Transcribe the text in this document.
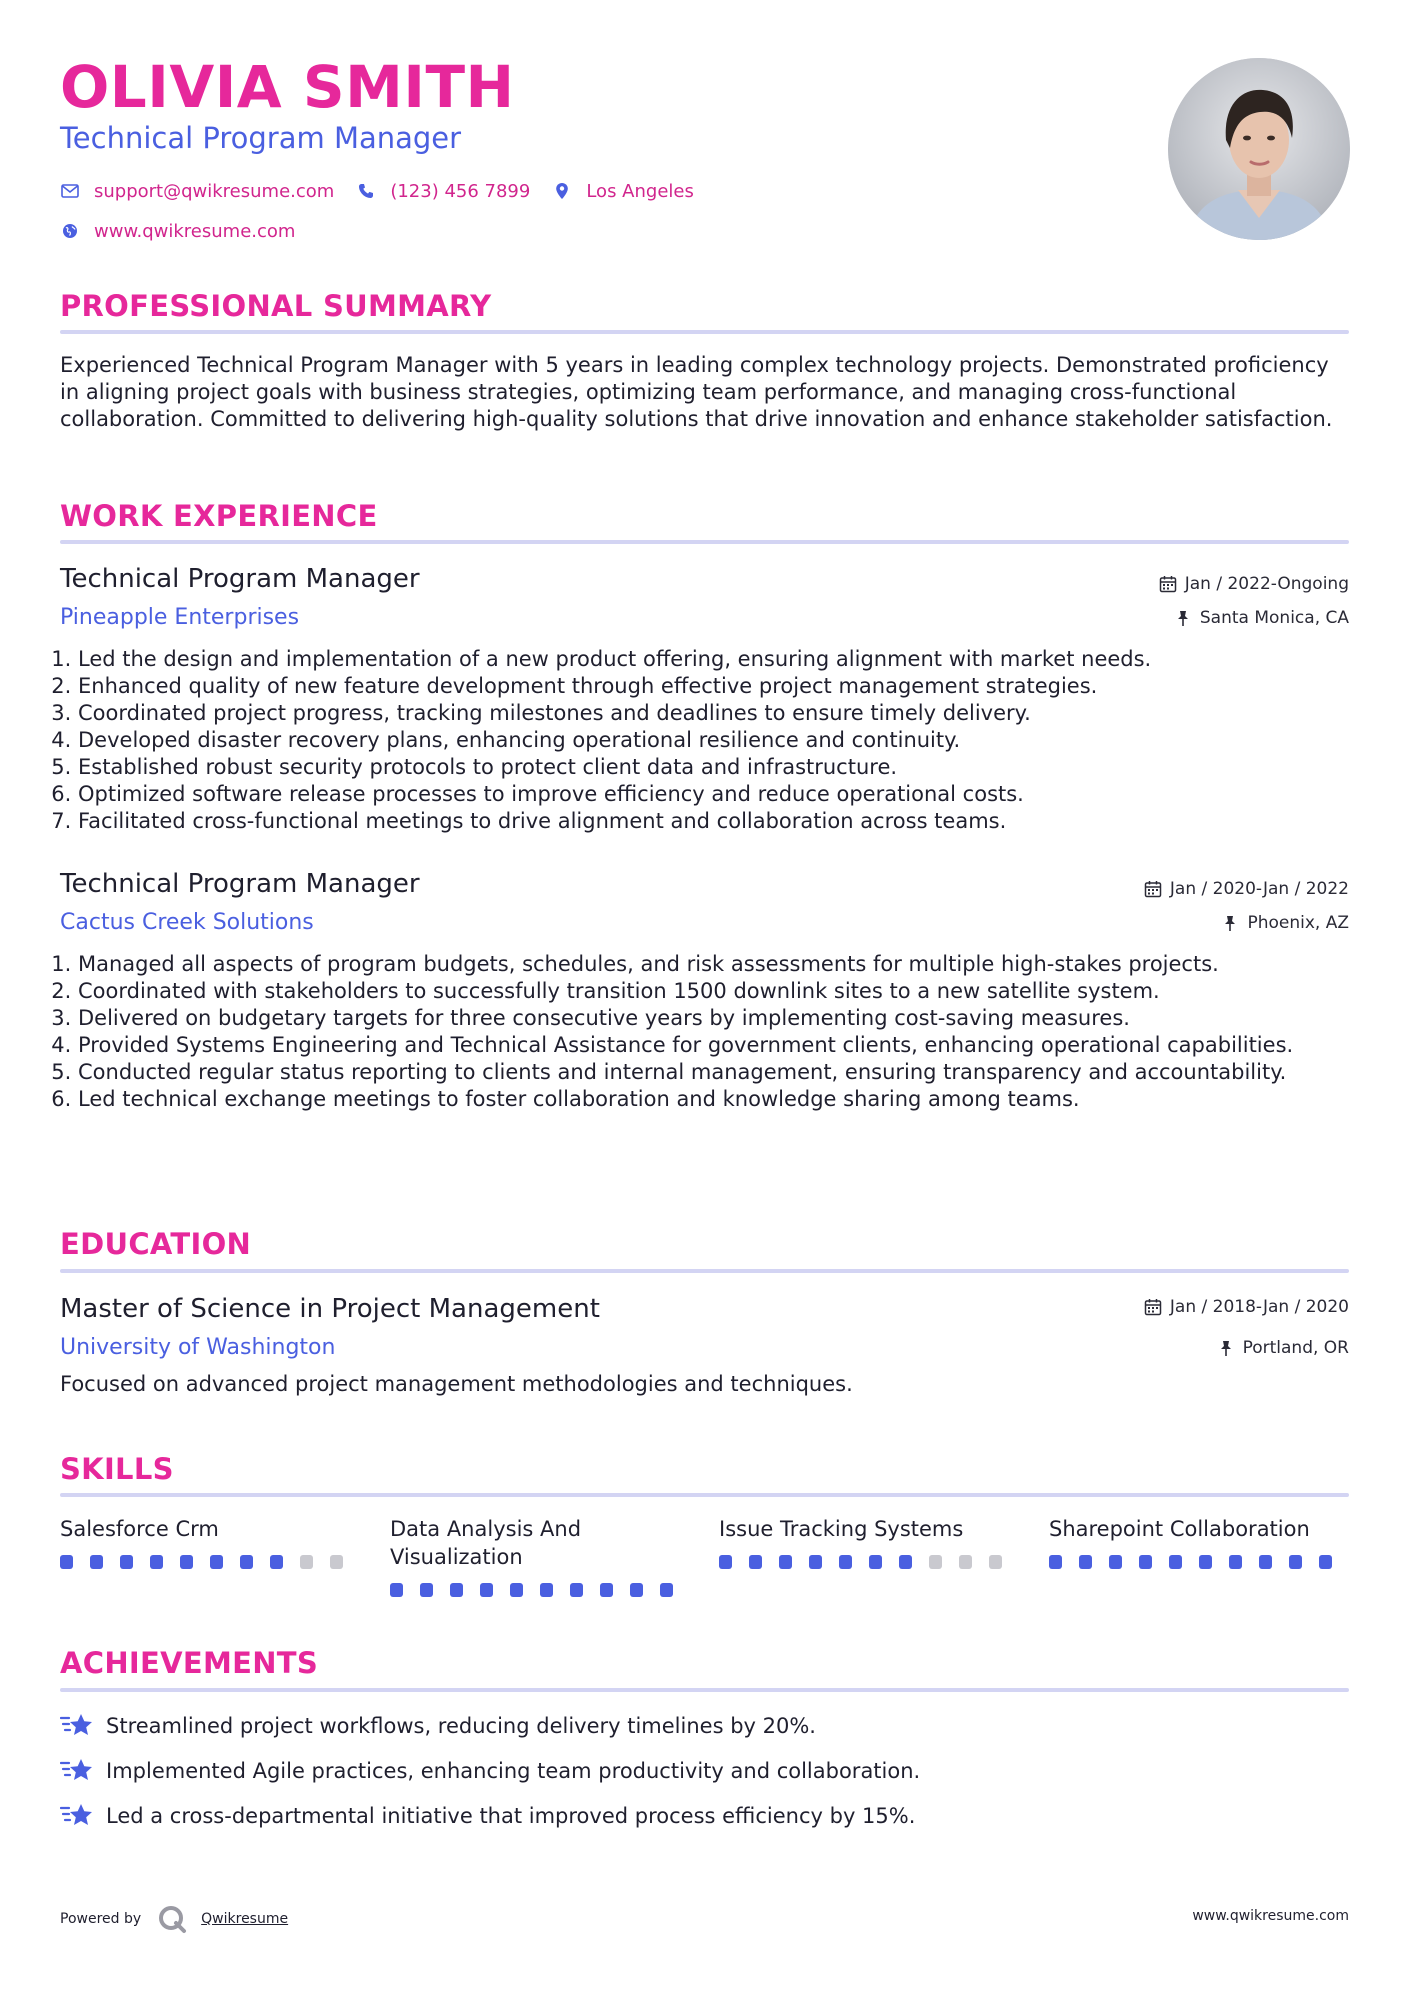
OLIVIA SMITH
Technical Program Manager
support@qwikresume.com	(123) 456 7899	Los Angeles
www.qwikresume.com
PROFESSIONAL SUMMARY
Experienced Technical Program Manager with 5 years in leading complex technology projects. Demonstrated proficiency in aligning project goals with business strategies, optimizing team performance, and managing cross-functional collaboration. Committed to delivering high-quality solutions that drive innovation and enhance stakeholder satisfaction.
WORK EXPERIENCE
Technical Program Manager	Jan / 2022-Ongoing
Pineapple Enterprises	Santa Monica, CA
1. Led the design and implementation of a new product offering, ensuring alignment with market needs.
2. Enhanced quality of new feature development through effective project management strategies.
3. Coordinated project progress, tracking milestones and deadlines to ensure timely delivery.
4. Developed disaster recovery plans, enhancing operational resilience and continuity.
5. Established robust security protocols to protect client data and infrastructure.
6. Optimized software release processes to improve efficiency and reduce operational costs.
7. Facilitated cross-functional meetings to drive alignment and collaboration across teams.
Technical Program Manager	Jan / 2020-Jan / 2022
Cactus Creek Solutions	Phoenix, AZ
1. Managed all aspects of program budgets, schedules, and risk assessments for multiple high-stakes projects.
2. Coordinated with stakeholders to successfully transition 1500 downlink sites to a new satellite system.
3. Delivered on budgetary targets for three consecutive years by implementing cost-saving measures.
4. Provided Systems Engineering and Technical Assistance for government clients, enhancing operational capabilities.
5. Conducted regular status reporting to clients and internal management, ensuring transparency and accountability.
6. Led technical exchange meetings to foster collaboration and knowledge sharing among teams.
EDUCATION
Master of Science in Project Management	Jan / 2018-Jan / 2020
University of Washington	Portland, OR
Focused on advanced project management methodologies and techniques.
SKILLS
Salesforce Crm	Data Analysis And Visualization
Issue Tracking Systems	Sharepoint Collaboration
ACHIEVEMENTS
Streamlined project workflows, reducing delivery timelines by 20%.
Implemented Agile practices, enhancing team productivity and collaboration.
Led a cross-departmental initiative that improved process efficiency by 15%.
Powered by	Qwikresume	www.qwikresume.com
